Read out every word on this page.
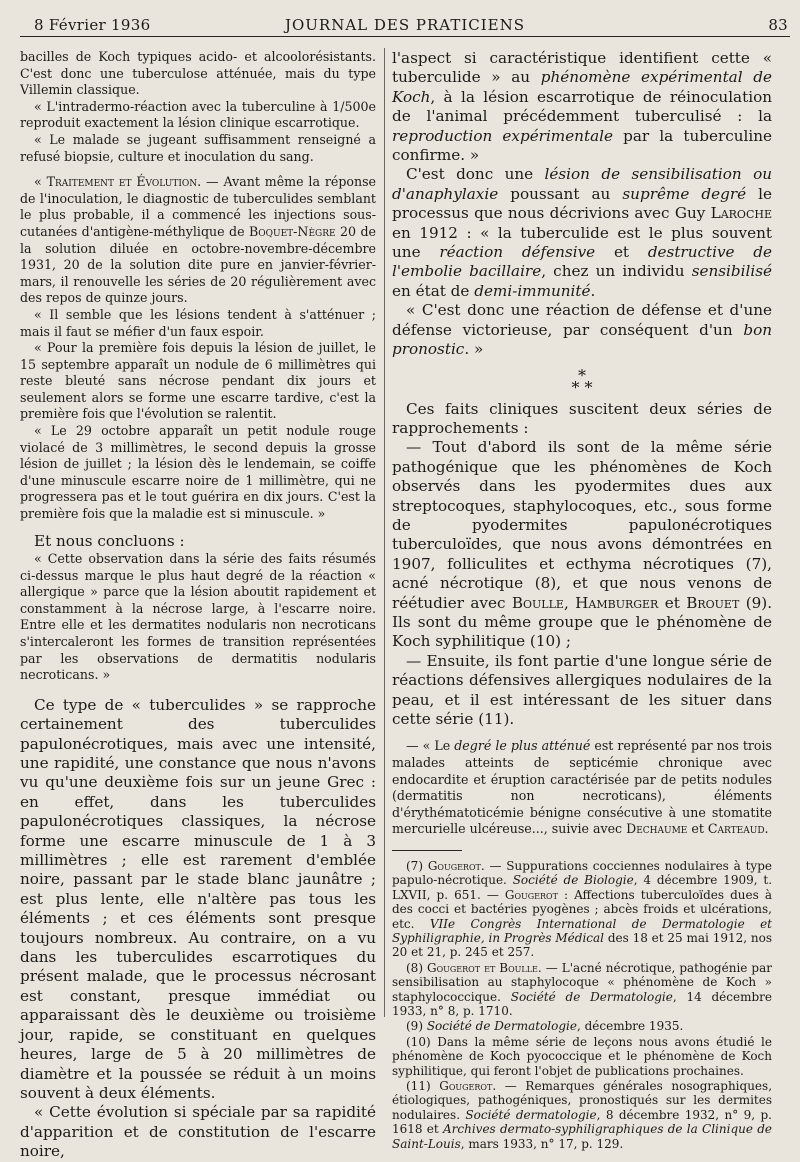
8 Février 1936	JOURNAL DES PRATICIENS	83

bacilles de Koch typiques acido- et alcoolorésistants. C'est donc une tuberculose atténuée, mais du type Villemin classique.

« L'intradermo-réaction avec la tuberculine à 1/500e reproduit exactement la lésion clinique escarrotique.

« Le malade se jugeant suffisamment renseigné a refusé biopsie, culture et inoculation du sang.

« Traitement et Évolution. — Avant même la réponse de l'inoculation, le diagnostic de tuberculides semblant le plus probable, il a commencé les injections sous-cutanées d'antigène-méthylique de Boquet-Nègre 20 de la solution diluée en octobre-novembre-décembre 1931, 20 de la solution dite pure en janvier-février-mars, il renouvelle les séries de 20 régulièrement avec des repos de quinze jours.

« Il semble que les lésions tendent à s'atténuer ; mais il faut se méfier d'un faux espoir.

« Pour la première fois depuis la lésion de juillet, le 15 septembre apparaît un nodule de 6 millimètres qui reste bleuté sans nécrose pendant dix jours et seulement alors se forme une escarre tardive, c'est la première fois que l'évolution se ralentit.

« Le 29 octobre apparaît un petit nodule rouge violacé de 3 millimètres, le second depuis la grosse lésion de juillet ; la lésion dès le lendemain, se coiffe d'une minuscule escarre noire de 1 millimètre, qui ne progressera pas et le tout guérira en dix jours. C'est la première fois que la maladie est si minuscule. »

Et nous concluons :

« Cette observation dans la série des faits résumés ci-dessus marque le plus haut degré de la réaction « allergique » parce que la lésion aboutit rapidement et constamment à la nécrose large, à l'escarre noire. Entre elle et les dermatites nodularis non necroticans s'intercaleront les formes de transition représentées par les observations de dermatitis nodularis necroticans. »

Ce type de « tuberculides » se rapproche certainement des tuberculides papulonécrotiques, mais avec une intensité, une rapidité, une constance que nous n'avons vu qu'une deuxième fois sur un jeune Grec : en effet, dans les tuberculides papulonécrotiques classiques, la nécrose forme une escarre minuscule de 1 à 3 millimètres ; elle est rarement d'emblée noire, passant par le stade blanc jaunâtre ; est plus lente, elle n'altère pas tous les éléments ; et ces éléments sont presque toujours nombreux. Au contraire, on a vu dans les tuberculides escarrotiques du présent malade, que le processus nécrosant est constant, presque immédiat ou apparaissant dès le deuxième ou troisième jour, rapide, se constituant en quelques heures, large de 5 à 20 millimètres de diamètre et la poussée se réduit à un moins souvent à deux éléments.

« Cette évolution si spéciale par sa rapidité d'apparition et de constitution de l'escarre noire,

l'aspect si caractéristique identifient cette « tuberculide » au phénomène expérimental de Koch, à la lésion escarrotique de réinoculation de l'animal précédemment tuberculisé : la reproduction expérimentale par la tuberculine confirme. »

C'est donc une lésion de sensibilisation ou d'anaphylaxie poussant au suprême degré le processus que nous décrivions avec Guy Laroche en 1912 : « la tuberculide est le plus souvent une réaction défensive et destructive de l'embolie bacillaire, chez un individu sensibilisé en état de demi-immunité.

« C'est donc une réaction de défense et d'une défense victorieuse, par conséquent d'un bon pronostic. »

*
* *

Ces faits cliniques suscitent deux séries de rapprochements :

— Tout d'abord ils sont de la même série pathogénique que les phénomènes de Koch observés dans les pyodermites dues aux streptocoques, staphylocoques, etc., sous forme de pyodermites papulonécrotiques tuberculoïdes, que nous avons démontrées en 1907, folliculites et ecthyma nécrotiques (7), acné nécrotique (8), et que nous venons de réétudier avec Boulle, Hamburger et Brouet (9). Ils sont du même groupe que le phénomène de Koch syphilitique (10) ;

— Ensuite, ils font partie d'une longue série de réactions défensives allergiques nodulaires de la peau, et il est intéressant de les situer dans cette série (11).

— « Le degré le plus atténué est représenté par nos trois malades atteints de septicémie chronique avec endocardite et éruption caractérisée par de petits nodules (dermatitis non necroticans), éléments d'érythématoticémie bénigne consécutive à une stomatite mercurielle ulcéreuse..., suivie avec Dechaume et Carteaud.

(7) Gougerot. — Suppurations cocciennes nodulaires à type papulo-nécrotique. Société de Biologie, 4 décembre 1909, t. LXVII, p. 651. — Gougerot : Affections tuberculoïdes dues à des cocci et bactéries pyogènes ; abcès froids et ulcérations, etc. VIIe Congrès International de Dermatologie et Syphiligraphie, in Progrès Médical des 18 et 25 mai 1912, nos 20 et 21, p. 245 et 257.

(8) Gougerot et Boulle. — L'acné nécrotique, pathogénie par sensibilisation au staphylocoque « phénomène de Koch » staphylococcique. Société de Dermatologie, 14 décembre 1933, n° 8, p. 1710.

(9) Société de Dermatologie, décembre 1935.

(10) Dans la même série de leçons nous avons étudié le phénomène de Koch pyococcique et le phénomène de Koch syphilitique, qui feront l'objet de publications prochaines.

(11) Gougerot. — Remarques générales nosographiques, étiologiques, pathogéniques, pronostiqués sur les dermites nodulaires. Société dermatologie, 8 décembre 1932, n° 9, p. 1618 et Archives dermato-syphiligraphiques de la Clinique de Saint-Louis, mars 1933, n° 17, p. 129.
